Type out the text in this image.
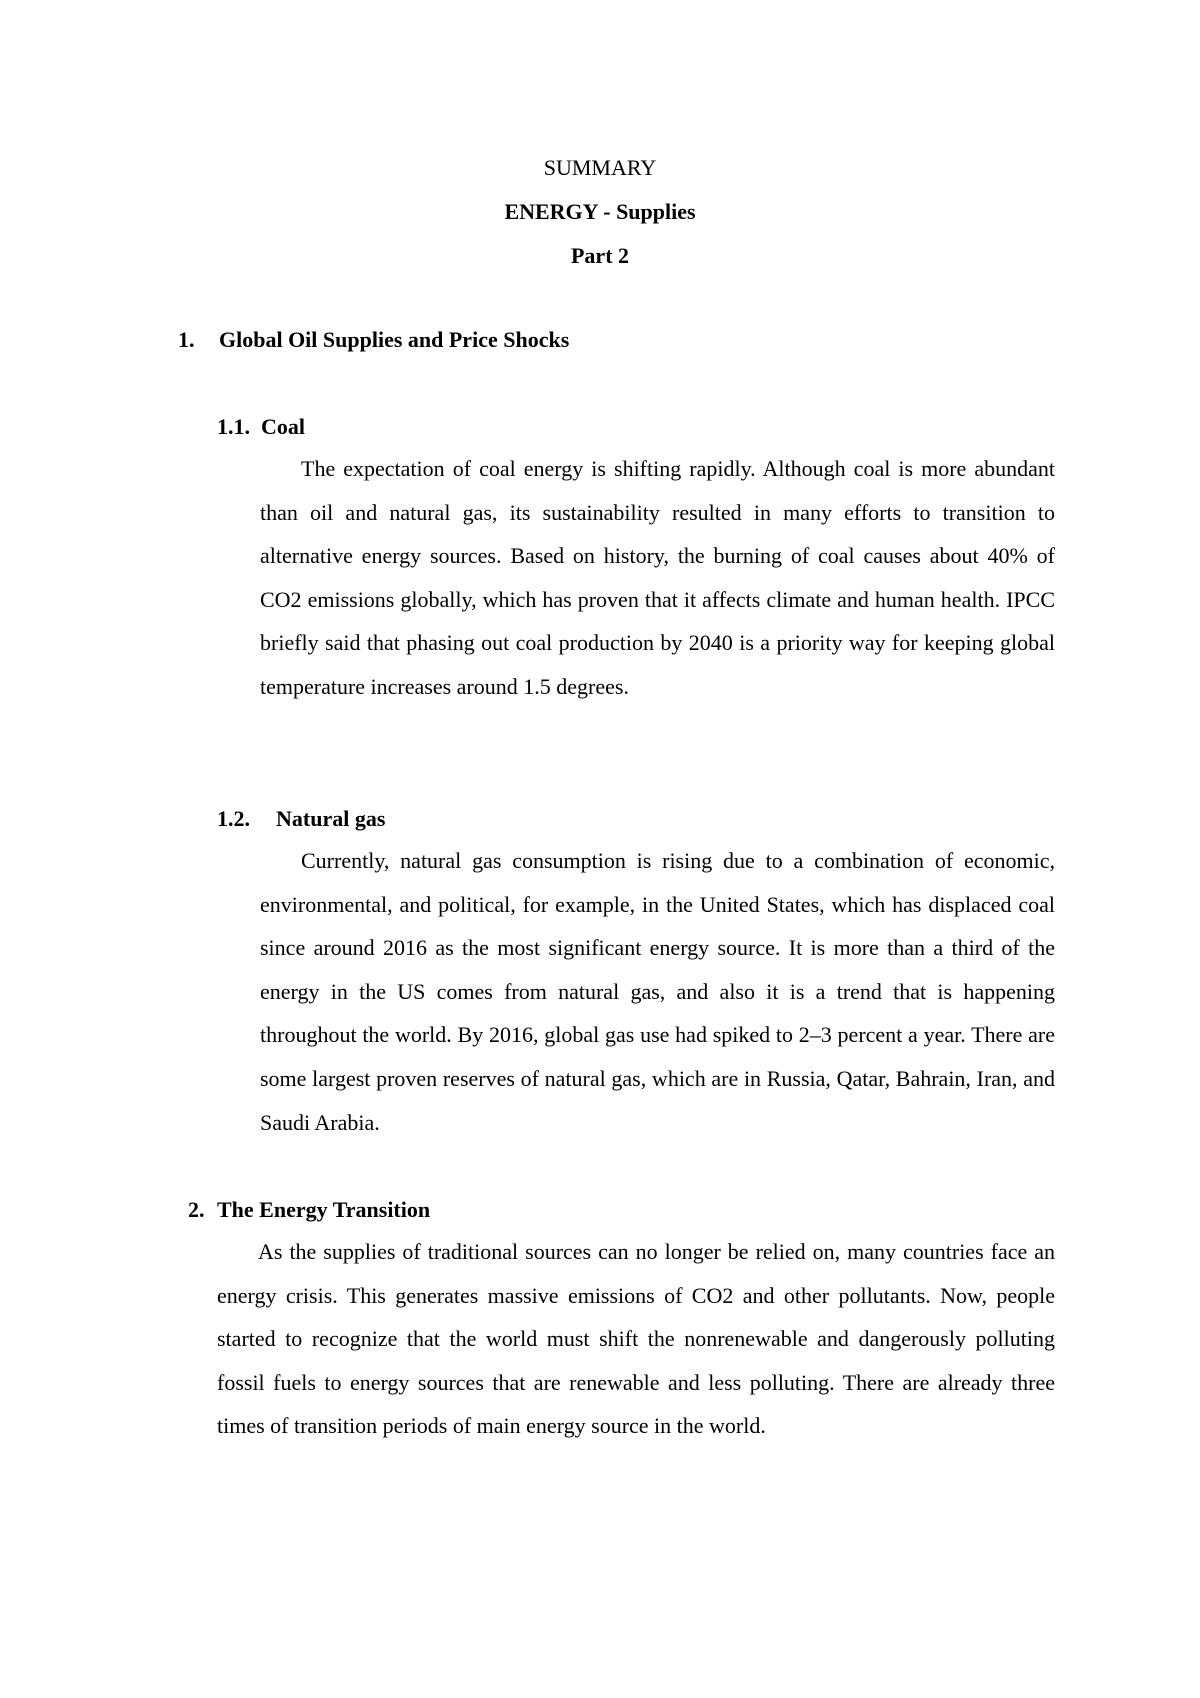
SUMMARY
ENERGY - Supplies
Part 2
1. Global Oil Supplies and Price Shocks
1.1. Coal

The expectation of coal energy is shifting rapidly. Although coal is more abundant than oil and natural gas, its sustainability resulted in many efforts to transition to alternative energy sources. Based on history, the burning of coal causes about 40% of CO2 emissions globally, which has proven that it affects climate and human health. IPCC briefly said that phasing out coal production by 2040 is a priority way for keeping global temperature increases around 1.5 degrees.

1.2. Natural gas

Currently, natural gas consumption is rising due to a combination of economic, environmental, and political, for example, in the United States, which has displaced coal since around 2016 as the most significant energy source. It is more than a third of the energy in the US comes from natural gas, and also it is a trend that is happening throughout the world. By 2016, global gas use had spiked to 2–3 percent a year. There are some largest proven reserves of natural gas, which are in Russia, Qatar, Bahrain, Iran, and Saudi Arabia.

2. The Energy Transition

As the supplies of traditional sources can no longer be relied on, many countries face an energy crisis. This generates massive emissions of CO2 and other pollutants. Now, people started to recognize that the world must shift the nonrenewable and dangerously polluting fossil fuels to energy sources that are renewable and less polluting. There are already three times of transition periods of main energy source in the world.
